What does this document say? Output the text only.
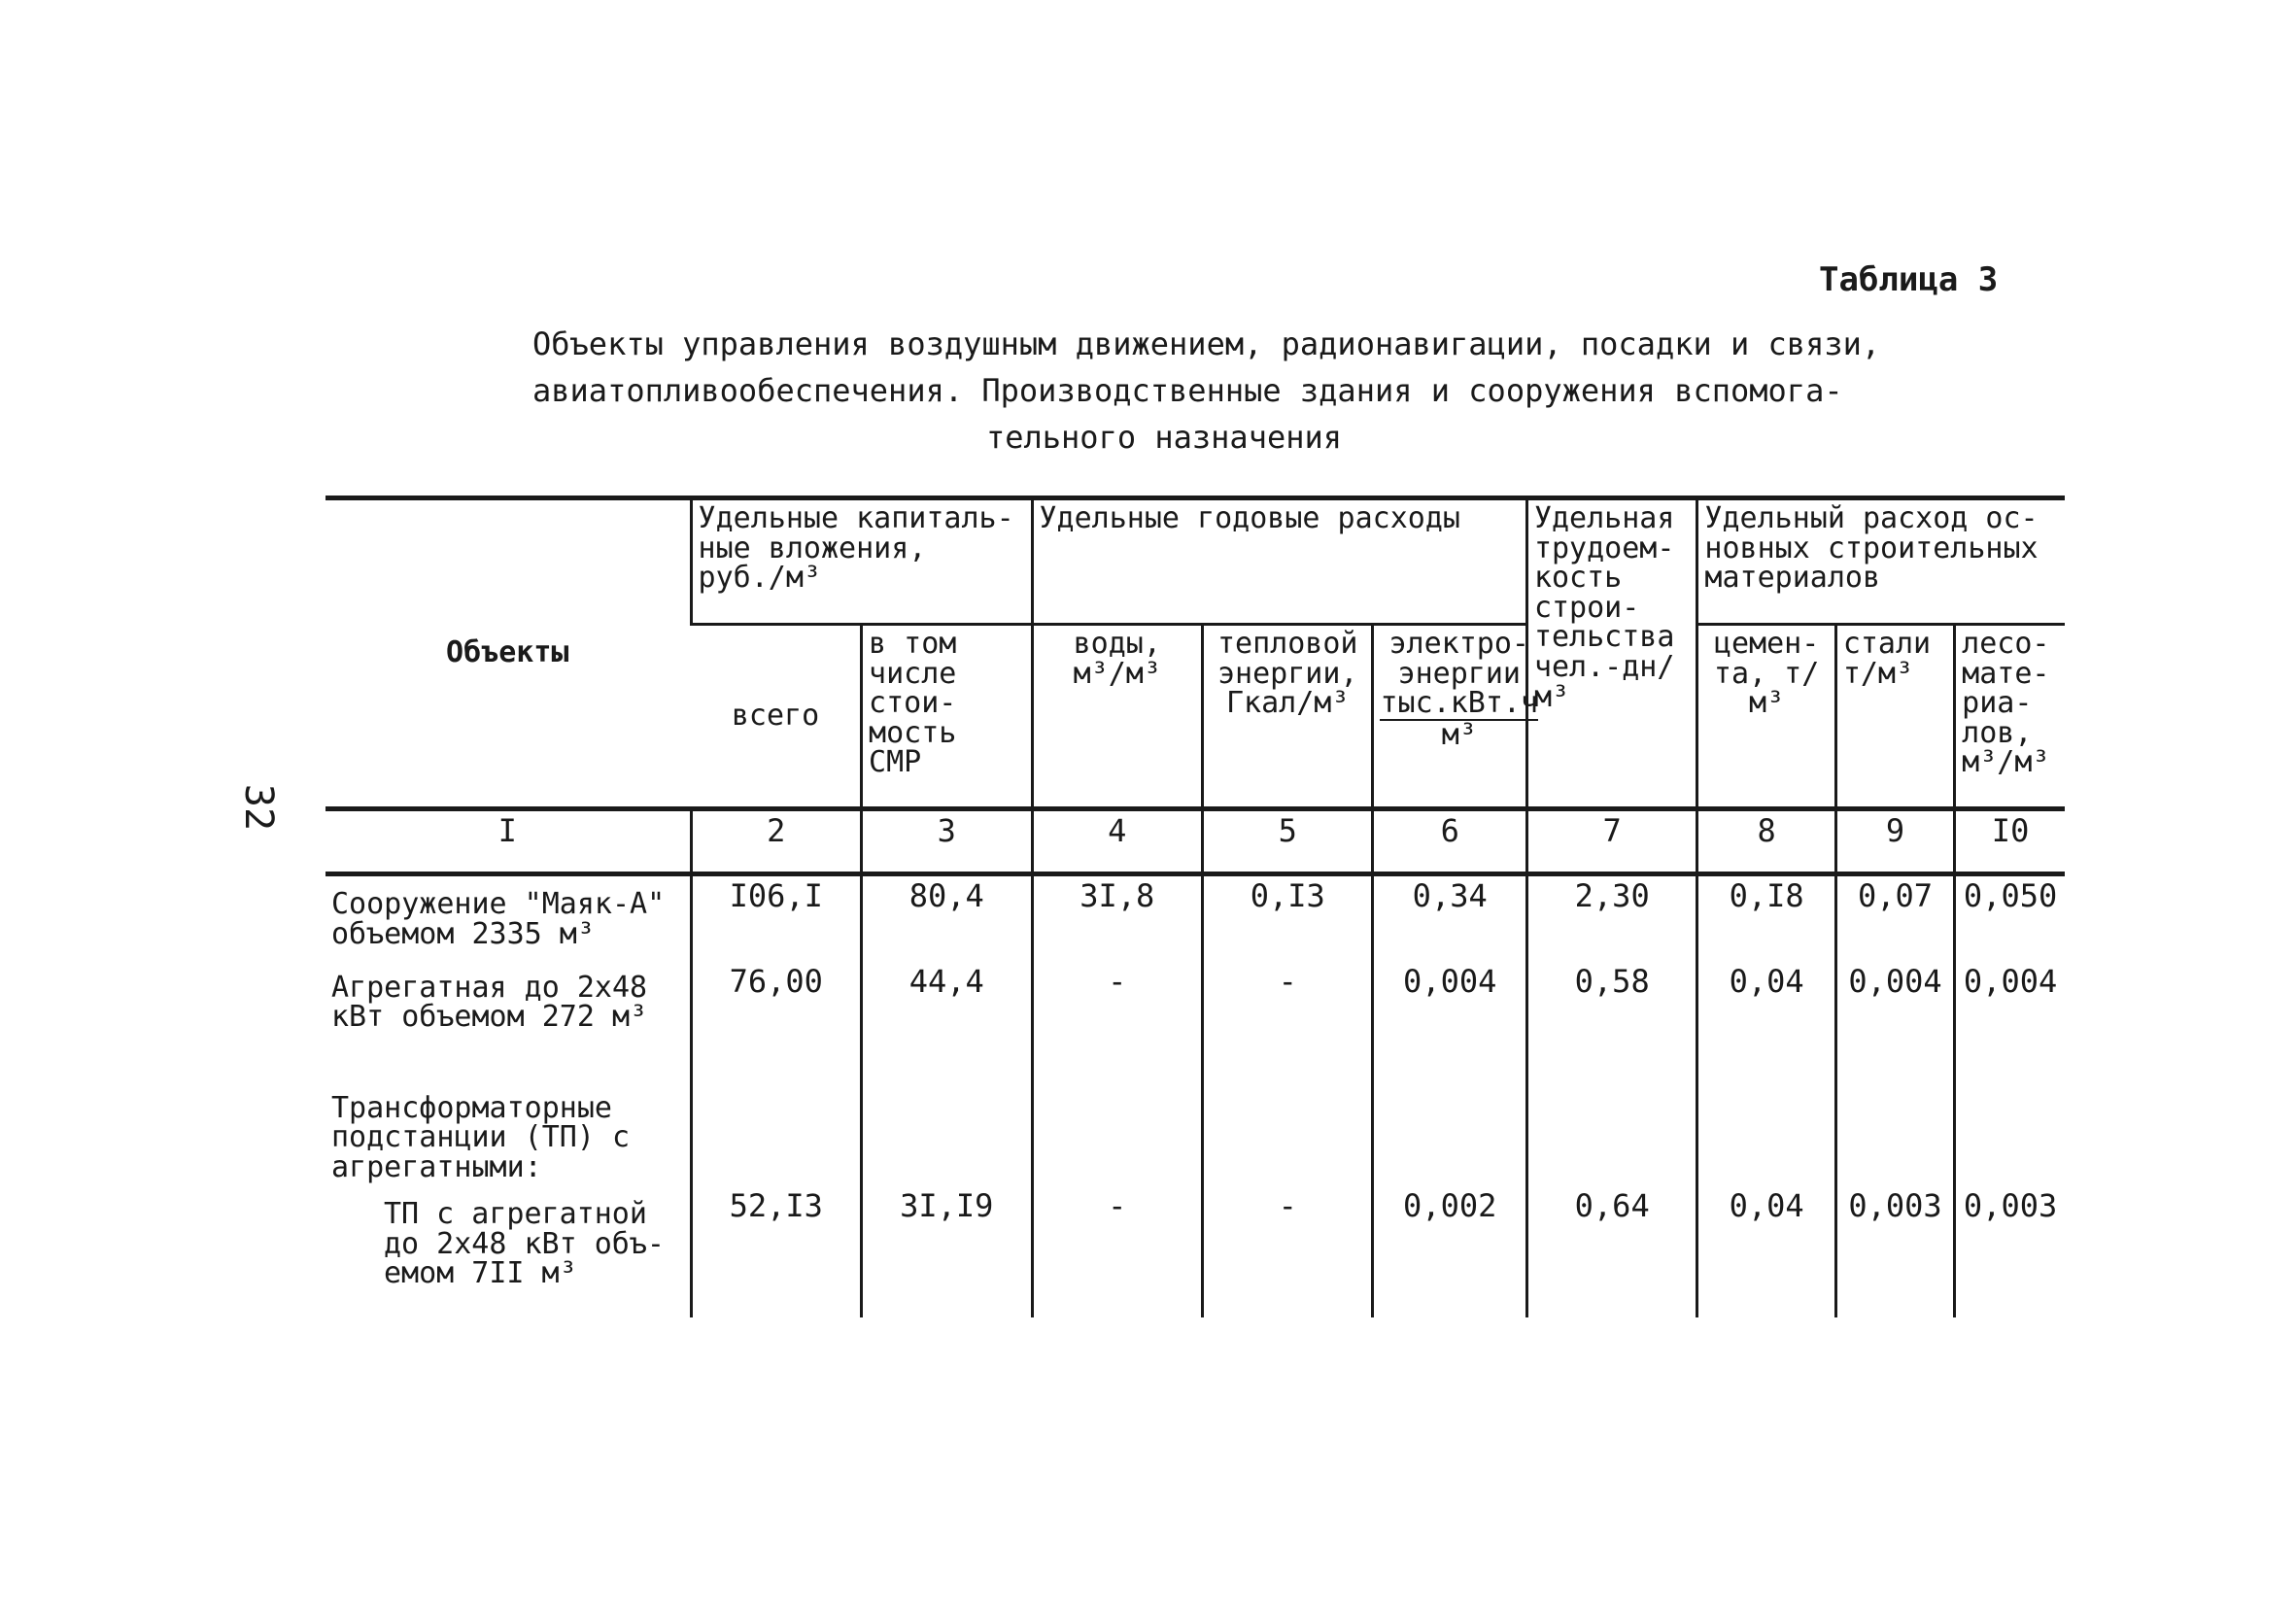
32
Таблица 3
Объекты управления воздушным движением, радионавигации, посадки и связи,
авиатопливообеспечения. Производственные здания и сооружения вспомога-
тельного назначения
Объекты	Удельные капиталь-ные вложения, руб./м³		Удельные годовые расходы			Удельная трудоем-кость строи-тельства чел.-дн/м³	Удельный расход ос-новных строительных материалов		
	всего	в том числе стои-мость СМР	воды, м³/м³	тепловой энергии, Гкал/м³	$\frac{\text{электро-энергии тыс.кВт.ч}}{\text{м³}}$		цемен-та, т/м³	стали т/м³	лесо-мате-риа-лов, м³/м³
I	2	3	4	5	6	7	8	9	I0
Сооружение "Маяк-А" объемом 2335 м³	I06,I	80,4	3I,8	0,I3	0,34	2,30	0,I8	0,07	0,050
Агрегатная до 2х48 кВт объемом 272 м³	76,00	44,4	-	-	0,004	0,58	0,04	0,004	0,004
Трансформаторные подстанции (ТП) с агрегатными:									
ТП с агрегатной до 2х48 кВт объ-емом 7II м³	52,I3	3I,I9	-	-	0,002	0,64	0,04	0,003	0,003
